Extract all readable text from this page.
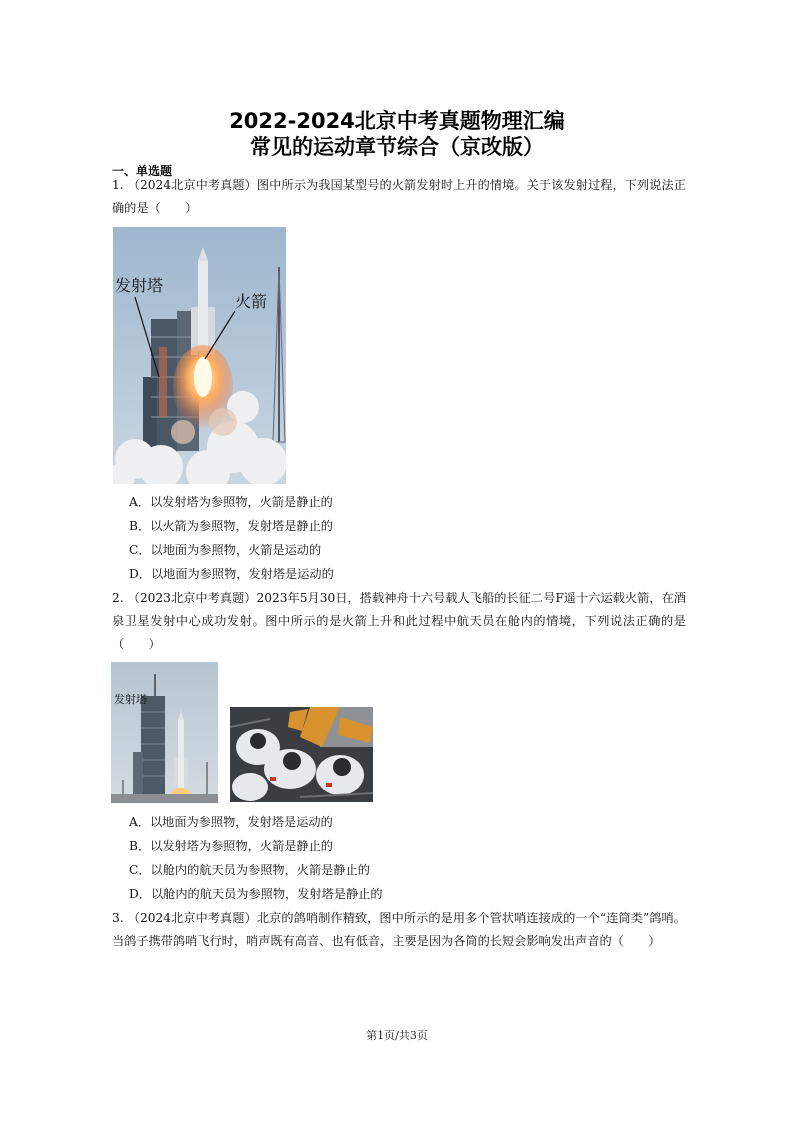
2022-2024北京中考真题物理汇编
常见的运动章节综合（京改版）
一、单选题
1. （2024北京中考真题）图中所示为我国某型号的火箭发射时上升的情境。关于该发射过程，下列说法正确的是（　　）
发射塔
火箭
A．以发射塔为参照物，火箭是静止的
B．以火箭为参照物，发射塔是静止的
C．以地面为参照物，火箭是运动的
D．以地面为参照物，发射塔是运动的
2. （2023北京中考真题）2023年5月30日，搭载神舟十六号载人飞船的长征二号F遥十六运载火箭，在酒泉卫星发射中心成功发射。图中所示的是火箭上升和此过程中航天员在舱内的情境，下列说法正确的是（　　）
发射塔
A．以地面为参照物，发射塔是运动的
B．以发射塔为参照物，火箭是静止的
C．以舱内的航天员为参照物，火箭是静止的
D．以舱内的航天员为参照物，发射塔是静止的
3. （2024北京中考真题）北京的鸽哨制作精致，图中所示的是用多个管状哨连接成的一个“连筒类”鸽哨。当鸽子携带鸽哨飞行时，哨声既有高音、也有低音，主要是因为各筒的长短会影响发出声音的（　　）
第1页/共3页
